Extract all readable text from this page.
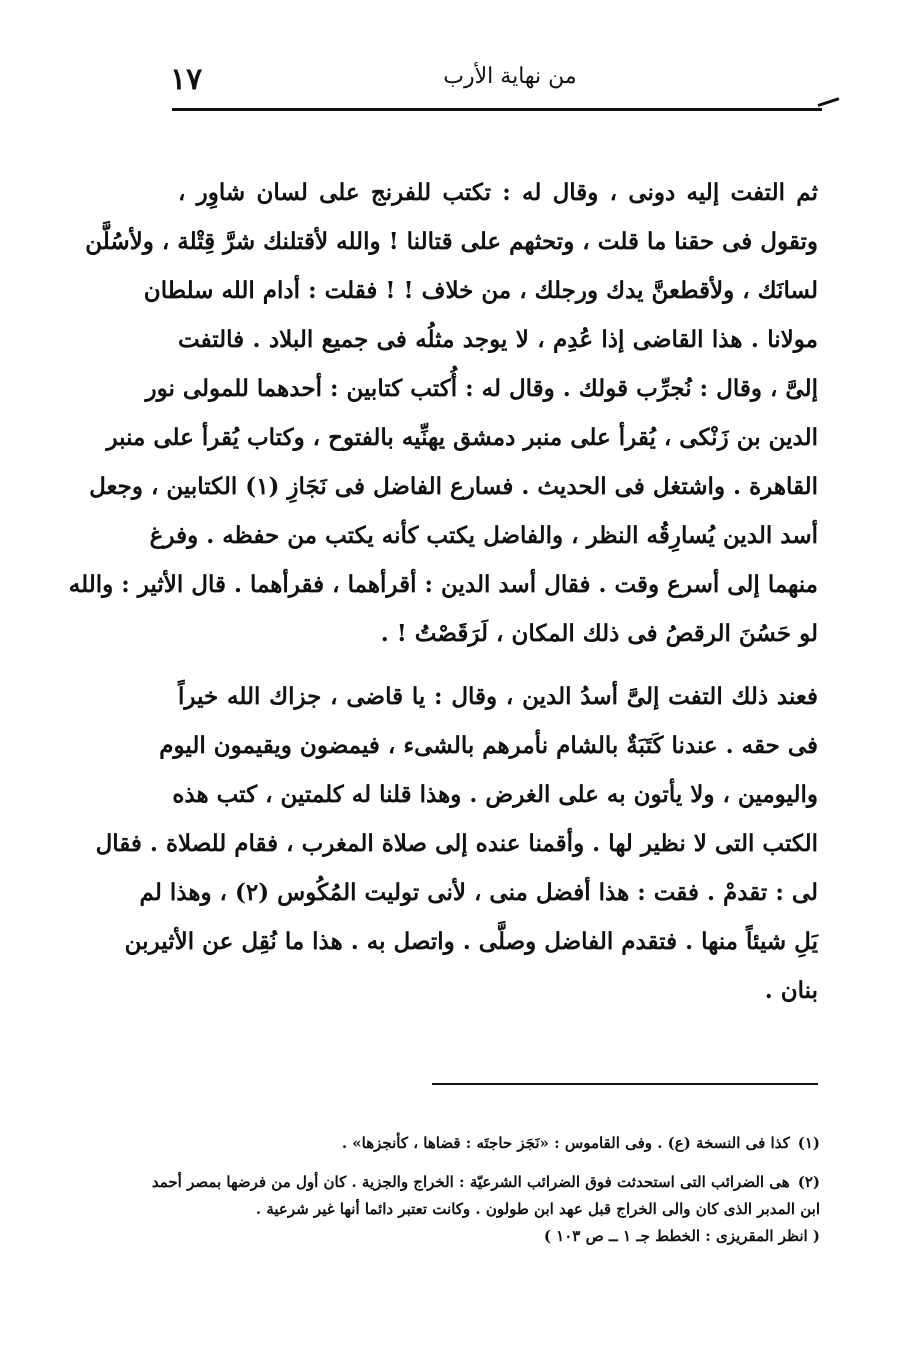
١٧	من نهاية الأرب

ثم التفت إليه دونى ، وقال له : تكتب للفرنج على لسان شاوِر ،
وتقول فى حقنا ما قلت ، وتحثهم على قتالنا ! والله لأقتلنك شرَّ قِتْلة ، ولأسُلَّن
لسانَك ، ولأقطعنَّ يدك ورجلك ، من خلاف ! ! فقلت : أدام الله سلطان
مولانا . هذا القاضى إذا عُدِم ، لا يوجد مثلُه فى جميع البلاد . فالتفت
إلىَّ ، وقال : نُجرِّب قولك . وقال له : أُكتب كتابين : أحدهما للمولى نور
الدين بن زَنْكى ، يُقرأ على منبر دمشق يهنِّيه بالفتوح ، وكتاب يُقرأ على منبر
القاهرة . واشتغل فى الحديث . فسارع الفاضل فى نَجَازِ (١) الكتابين ، وجعل
أسد الدين يُسارِقُه النظر ، والفاضل يكتب كأنه يكتب من حفظه . وفرغ
منهما إلى أسرع وقت . فقال أسد الدين : أقرأهما ، فقرأهما . قال الأثير : والله
لو حَسُنَ الرقصُ فى ذلك المكان ، لَرَقَصْتُ ! .

فعند ذلك التفت إلىَّ أسدُ الدين ، وقال : يا قاضى ، جزاك الله خيراً
فى حقه . عندنا كَتَبَةٌ بالشام نأمرهم بالشىء ، فيمضون ويقيمون اليوم
واليومين ، ولا يأتون به على الغرض . وهذا قلنا له كلمتين ، كتب هذه
الكتب التى لا نظير لها . وأقمنا عنده إلى صلاة المغرب ، فقام للصلاة . فقال
لى : تقدمْ . فقت : هذا أفضل منى ، لأنى توليت المُكُوس (٢) ، وهذا لم
يَلِ شيئاً منها . فتقدم الفاضل وصلَّى . واتصل به . هذا ما نُقِل عن الأثيربن
بنان .

(١)كذا فى النسخة (ع) . وفى القاموس : «نَجَز حاجتَه : قضاها ، كأنجزها» .
(٢)هى الضرائب التى استحدثت فوق الضرائب الشرعيّة : الخراج والجزية . كان أول من فرضها بمصر أحمد
ابن المدبر الذى كان والى الخراج قبل عهد ابن طولون . وكانت تعتبر دائما أنها غير شرعية .
( انظر المقريزى : الخطط جـ ١ ــ ص ١٠٣ )
